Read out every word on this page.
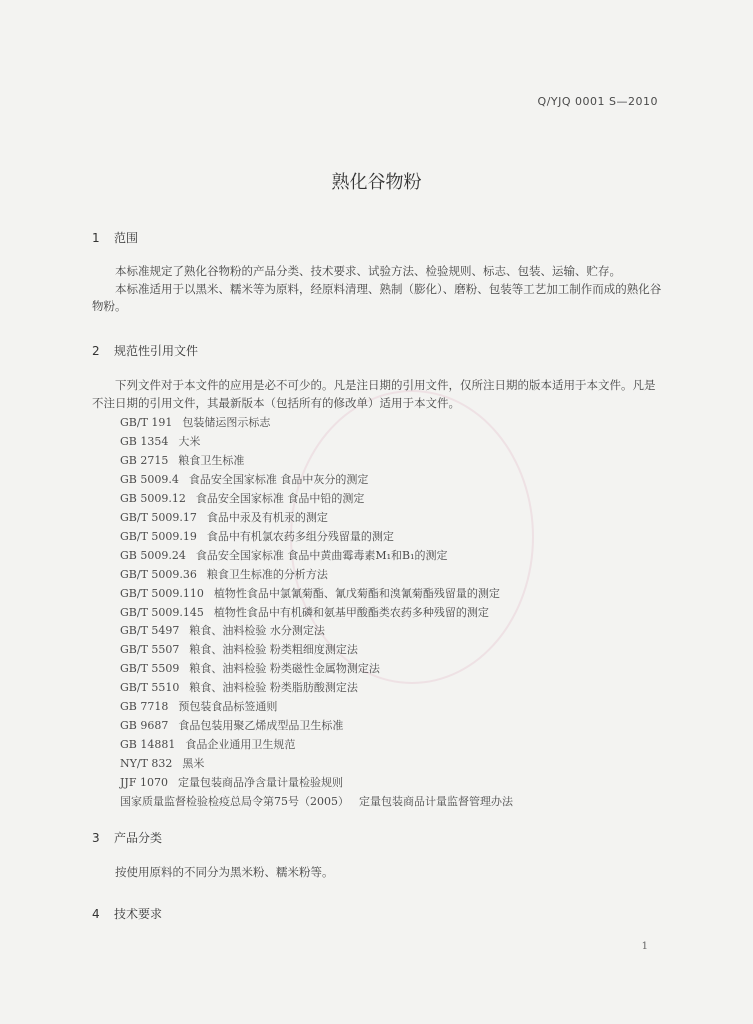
Q/YJQ 0001 S—2010
熟化谷物粉
1 范围

本标准规定了熟化谷物粉的产品分类、技术要求、试验方法、检验规则、标志、包装、运输、贮存。

本标准适用于以黑米、糯米等为原料，经原料清理、熟制（膨化）、磨粉、包装等工艺加工制作而成的熟化谷物粉。

2 规范性引用文件

下列文件对于本文件的应用是必不可少的。凡是注日期的引用文件，仅所注日期的版本适用于本文件。凡是不注日期的引用文件，其最新版本（包括所有的修改单）适用于本文件。

GB/T 191 包装储运图示标志
GB 1354 大米
GB 2715 粮食卫生标准
GB 5009.4 食品安全国家标准 食品中灰分的测定
GB 5009.12 食品安全国家标准 食品中铅的测定
GB/T 5009.17 食品中汞及有机汞的测定
GB/T 5009.19 食品中有机氯农药多组分残留量的测定
GB 5009.24 食品安全国家标准 食品中黄曲霉毒素M₁和B₁的测定
GB/T 5009.36 粮食卫生标准的分析方法
GB/T 5009.110 植物性食品中氯氰菊酯、氰戊菊酯和溴氰菊酯残留量的测定
GB/T 5009.145 植物性食品中有机磷和氨基甲酸酯类农药多种残留的测定
GB/T 5497 粮食、油料检验 水分测定法
GB/T 5507 粮食、油料检验 粉类粗细度测定法
GB/T 5509 粮食、油料检验 粉类磁性金属物测定法
GB/T 5510 粮食、油料检验 粉类脂肪酸测定法
GB 7718 预包装食品标签通则
GB 9687 食品包装用聚乙烯成型品卫生标准
GB 14881 食品企业通用卫生规范
NY/T 832 黑米
JJF 1070 定量包装商品净含量计量检验规则
国家质量监督检验检疫总局令第75号（2005） 定量包装商品计量监督管理办法
3 产品分类

按使用原料的不同分为黑米粉、糯米粉等。

4 技术要求
1
